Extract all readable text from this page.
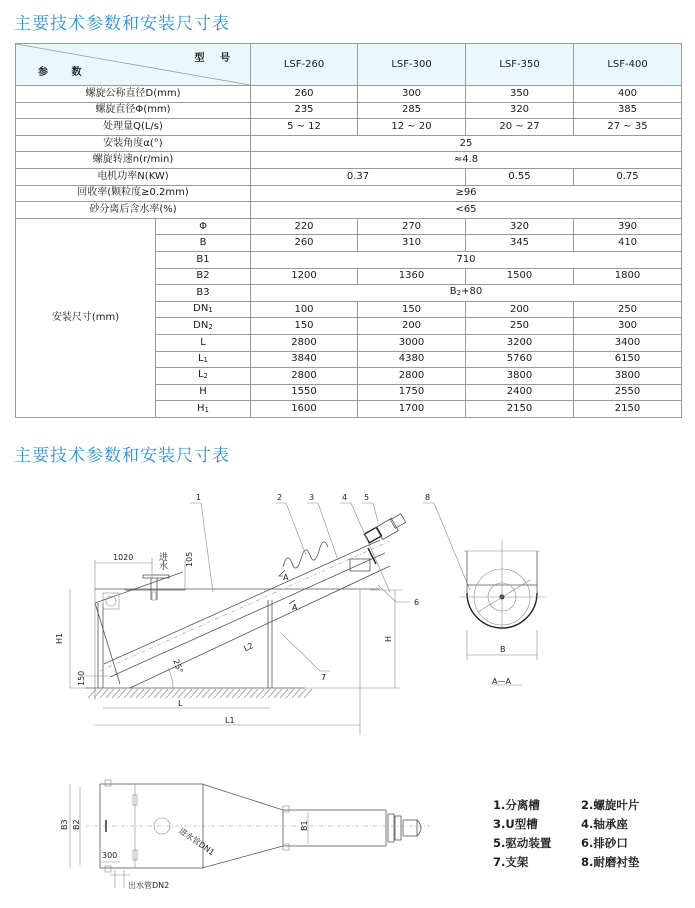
主要技术参数和安装尺寸表
型 号
参 数		LSF-260	LSF-300	LSF-350	LSF-400
螺旋公称直径D(mm)		260	300	350	400
螺旋直径Φ(mm)		235	285	320	385
处理量Q(L/s)		5 ~ 12	12 ~ 20	20 ~ 27	27 ~ 35
安装角度α(°)		25			
螺旋转速n(r/min)		≈4.8			
电机功率N(KW)		0.37		0.55	0.75
回收率(颗粒度≥0.2mm)		≥96			
砂分离后含水率(%)		<65			
安装尺寸(mm)	Φ	220	270	320	390
	B	260	310	345	410
	B1	710			
	B2	1200	1360	1500	1800
	B3	$B_2+80$			
	$DN_1$	100	150	200	250
	$DN_2$	150	200	250	300
	L	2800	3000	3200	3400
	$L_1$	3840	4380	5760	6150
	$L_2$	2800	2800	3800	3800
	H	1550	1750	2400	2550
	$H_1$	1600	1700	2150	2150
主要技术参数和安装尺寸表
A
A
1	2	3	4 5
6
7
8
1020	105
进水
H1
150
25°
L
L1
L2
H
B
A—A
B3 B2	B1
300
出水管DN2
进水管DN1
1.分离槽	2.螺旋叶片
3.U型槽	4.轴承座
5.驱动装置	6.排砂口
7.支架	8.耐磨衬垫
